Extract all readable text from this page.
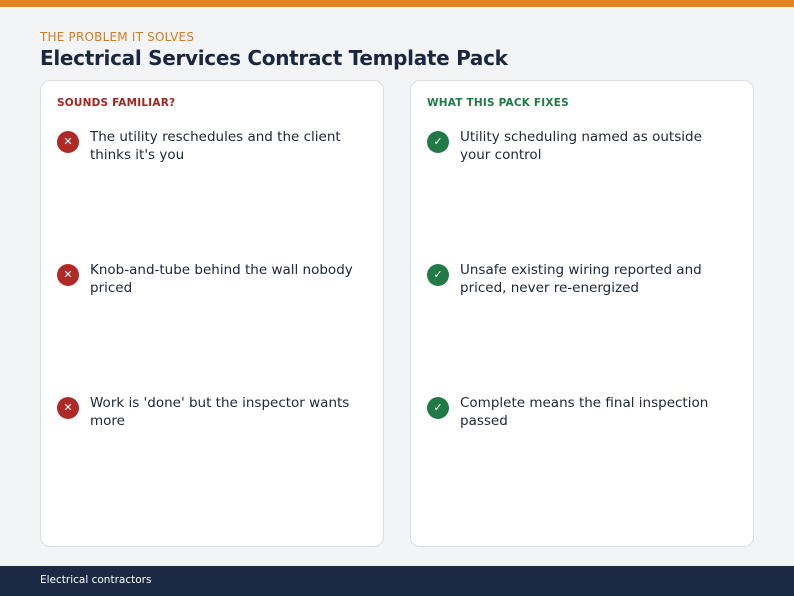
THE PROBLEM IT SOLVES
Electrical Services Contract Template Pack
SOUNDS FAMILIAR?
✕	The utility reschedules and the client thinks it's you
✕	Knob-and-tube behind the wall nobody priced
✕	Work is 'done' but the inspector wants more
WHAT THIS PACK FIXES
✓	Utility scheduling named as outside your control
✓	Unsafe existing wiring reported and priced, never re-energized
✓	Complete means the final inspection passed
Electrical contractors
